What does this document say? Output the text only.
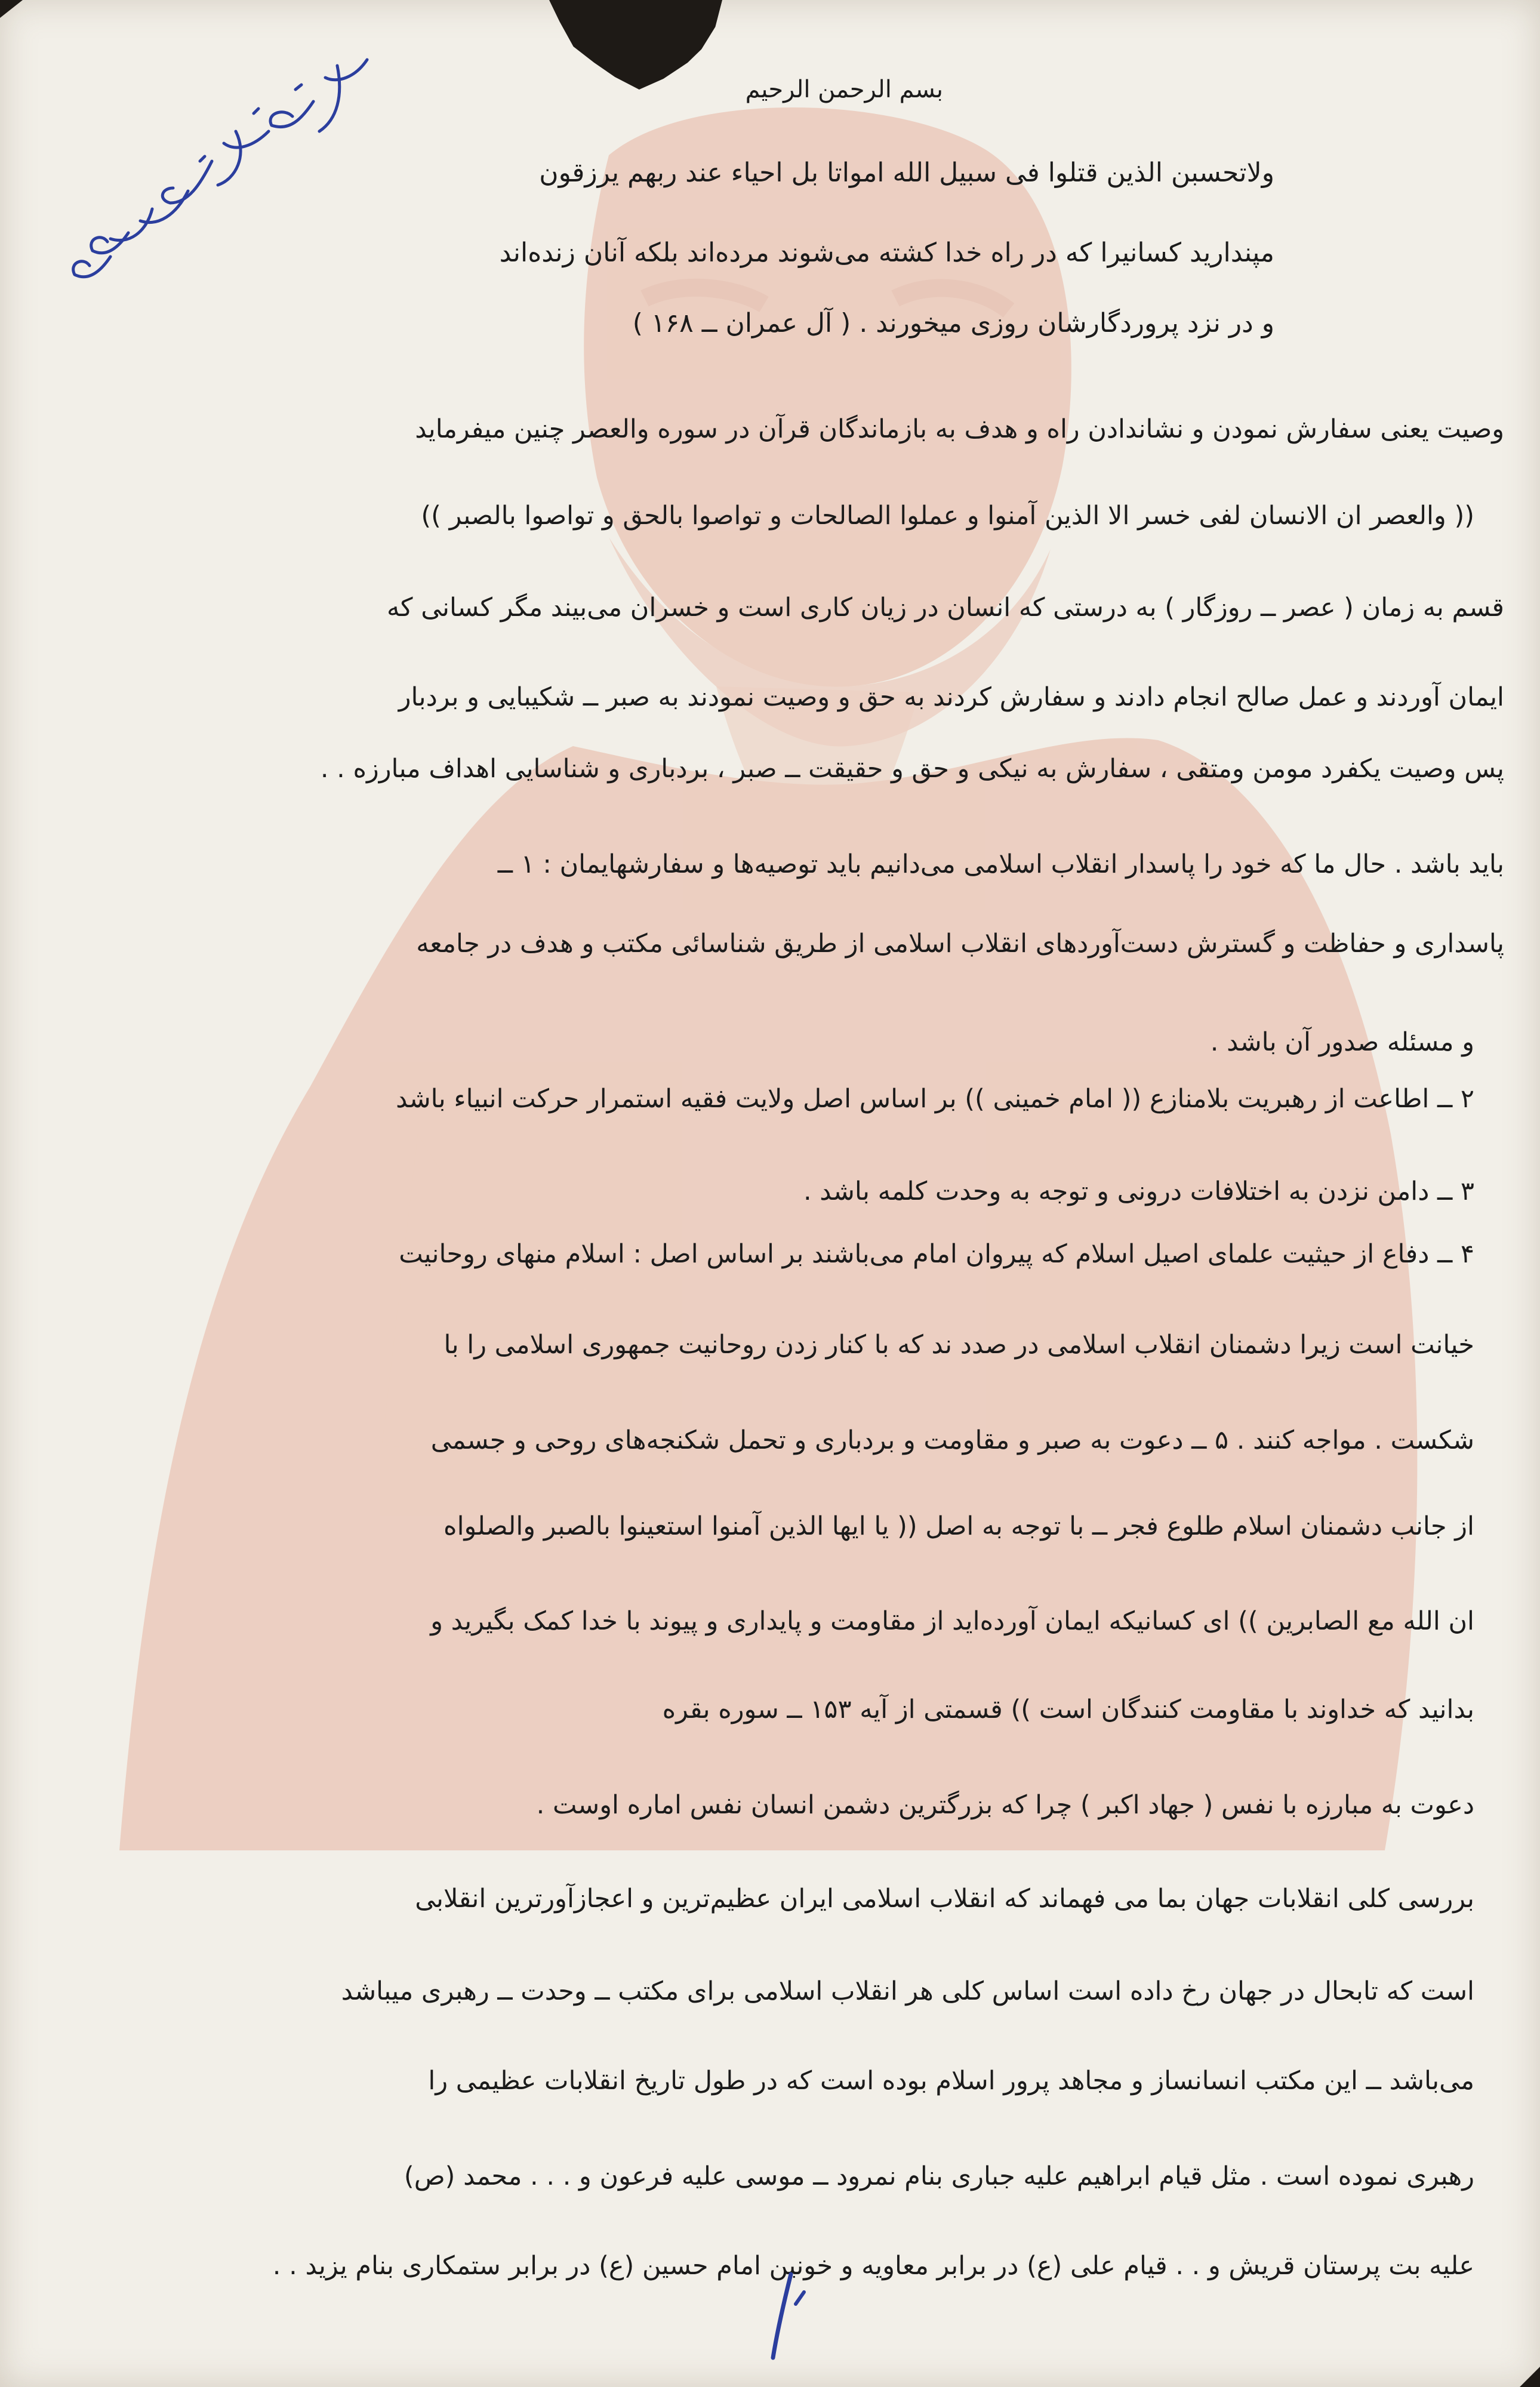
بسم الرحمن الرحیم
ولاتحسبن الذین قتلوا فی سبیل الله امواتا بل احیاء عند ربهم یرزقون
مپندارید کسانیرا که در راه خدا کشته می‌شوند مرده‌اند بلکه آنان زنده‌اند
و در نزد پروردگارشان روزی میخورند . ( آل عمران ــ ۱۶۸ )
وصیت یعنی سفارش نمودن و نشاندادن راه و هدف به بازماندگان قرآن در سوره والعصر چنین میفرماید
(( والعصر ان الانسان لفی خسر الا الذین آمنوا و عملوا الصالحات و تواصوا بالحق و تواصوا بالصبر ))
قسم به زمان ( عصر ــ روزگار ) به درستی که انسان در زیان کاری است و خسران می‌بیند مگر کسانی که
ایمان آوردند و عمل صالح انجام دادند و سفارش کردند به حق و وصیت نمودند به صبر ــ شکیبایی و بردبار
پس وصیت یکفرد مومن ومتقی ، سفارش به نیکی و حق و حقیقت ــ صبر ، بردباری و شناسایی اهداف مبارزه . .
باید باشد . حال ما که خود را پاسدار انقلاب اسلامی می‌دانیم باید توصیه‌ها و سفارشهایمان : ۱ ــ
پاسداری و حفاظت و گسترش دست‌آوردهای انقلاب اسلامی از طریق شناسائی مکتب و هدف در جامعه
و مسئله صدور آن باشد .
۲ ــ اطاعت از رهبریت بلامنازع (( امام خمینی )) بر اساس اصل ولایت فقیه استمرار حرکت انبیاء باشد
۳ ــ دامن نزدن به اختلافات درونی و توجه به وحدت کلمه باشد .
۴ ــ دفاع از حیثیت علمای اصیل اسلام که پیروان امام می‌باشند بر اساس اصل : اسلام منهای روحانیت
خیانت است زیرا دشمنان انقلاب اسلامی در صدد ند که با کنار زدن روحانیت جمهوری اسلامی را با
شکست . مواجه کنند . ۵ ــ دعوت به صبر و مقاومت و بردباری و تحمل شکنجه‌های روحی و جسمی
از جانب دشمنان اسلام طلوع فجر ــ با توجه به اصل (( یا ایها الذین آمنوا استعینوا بالصبر والصلواه
ان الله مع الصابرین )) ای کسانیکه ایمان آورده‌اید از مقاومت و پایداری و پیوند با خدا کمک بگیرید و
بدانید که خداوند با مقاومت کنندگان است )) قسمتی از آیه ۱۵۳ ــ سوره بقره
دعوت به مبارزه با نفس ( جهاد اکبر ) چرا که بزرگترین دشمن انسان نفس اماره اوست .
بررسی کلی انقلابات جهان بما می فهماند که انقلاب اسلامی ایران عظیم‌ترین و اعجازآورترین انقلابی
است که تابحال در جهان رخ داده است اساس کلی هر انقلاب اسلامی برای مکتب ــ وحدت ــ رهبری میباشد
می‌باشد ــ این مکتب انسانساز و مجاهد پرور اسلام بوده است که در طول تاریخ انقلابات عظیمی را
رهبری نموده است . مثل قیام ابراهیم علیه جباری بنام نمرود ــ موسی علیه فرعون و . . . محمد (ص)
علیه بت پرستان قریش و . . قیام علی (ع) در برابر معاویه و خونین امام حسین (ع) در برابر ستمکاری بنام یزید . .
